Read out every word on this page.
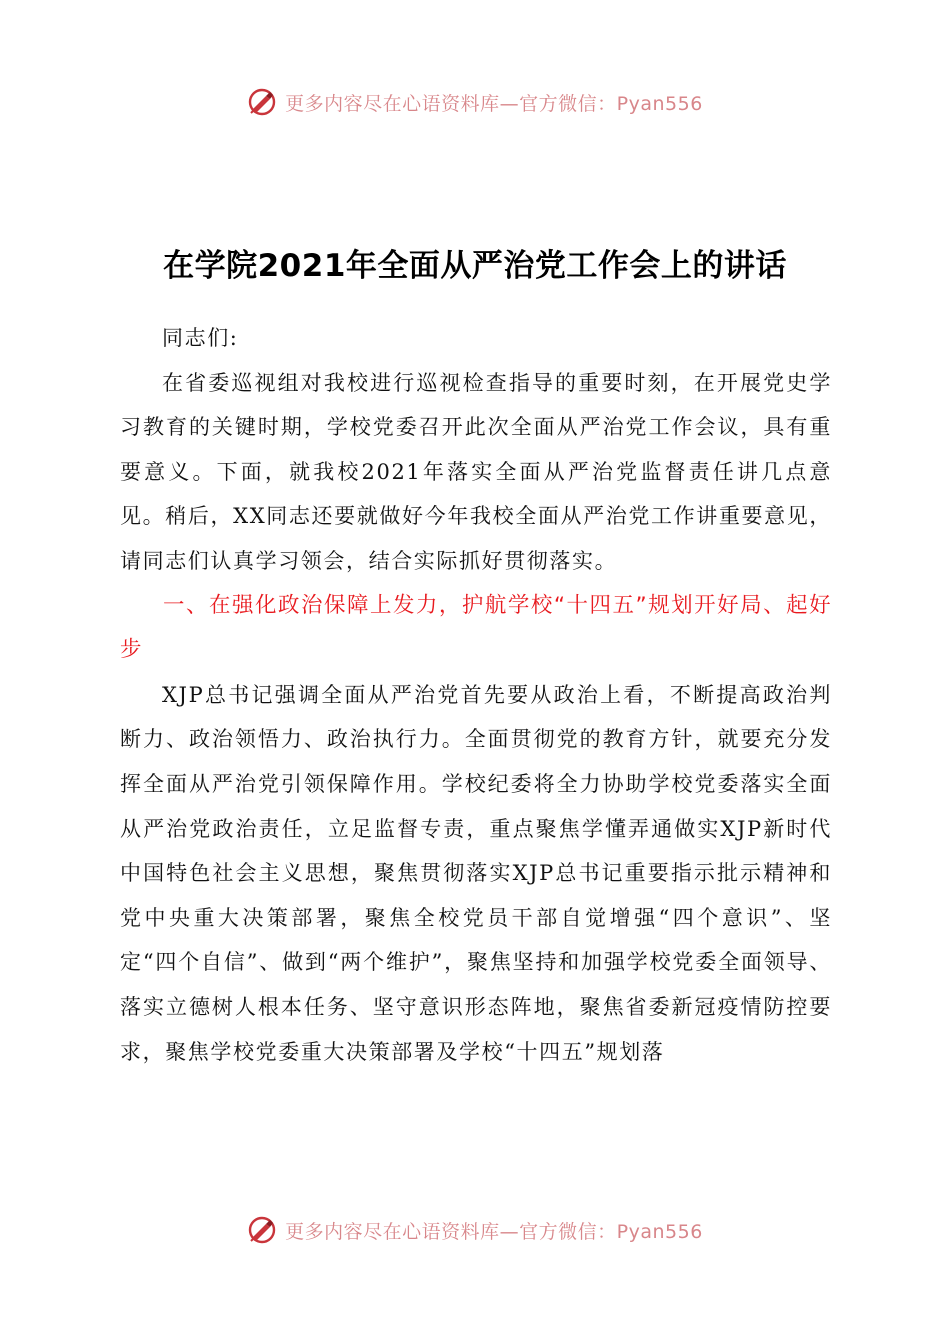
更多内容尽在心语资料库—官方微信：Pyan556
在学院2021年全面从严治党工作会上的讲话

同志们:

在省委巡视组对我校进行巡视检查指导的重要时刻，在开展党史学习教育的关键时期，学校党委召开此次全面从严治党工作会议，具有重要意义。下面，就我校2021年落实全面从严治党监督责任讲几点意见。稍后，XX同志还要就做好今年我校全面从严治党工作讲重要意见，请同志们认真学习领会，结合实际抓好贯彻落实。

一、在强化政治保障上发力，护航学校“十四五”规划开好局、起好步

XJP总书记强调全面从严治党首先要从政治上看，不断提高政治判断力、政治领悟力、政治执行力。全面贯彻党的教育方针，就要充分发挥全面从严治党引领保障作用。学校纪委将全力协助学校党委落实全面从严治党政治责任，立足监督专责，重点聚焦学懂弄通做实XJP新时代中国特色社会主义思想，聚焦贯彻落实XJP总书记重要指示批示精神和党中央重大决策部署，聚焦全校党员干部自觉增强“四个意识”、坚定“四个自信”、做到“两个维护”，聚焦坚持和加强学校党委全面领导、落实立德树人根本任务、坚守意识形态阵地，聚焦省委新冠疫情防控要求，聚焦学校党委重大决策部署及学校“十四五”规划落

更多内容尽在心语资料库—官方微信：Pyan556
